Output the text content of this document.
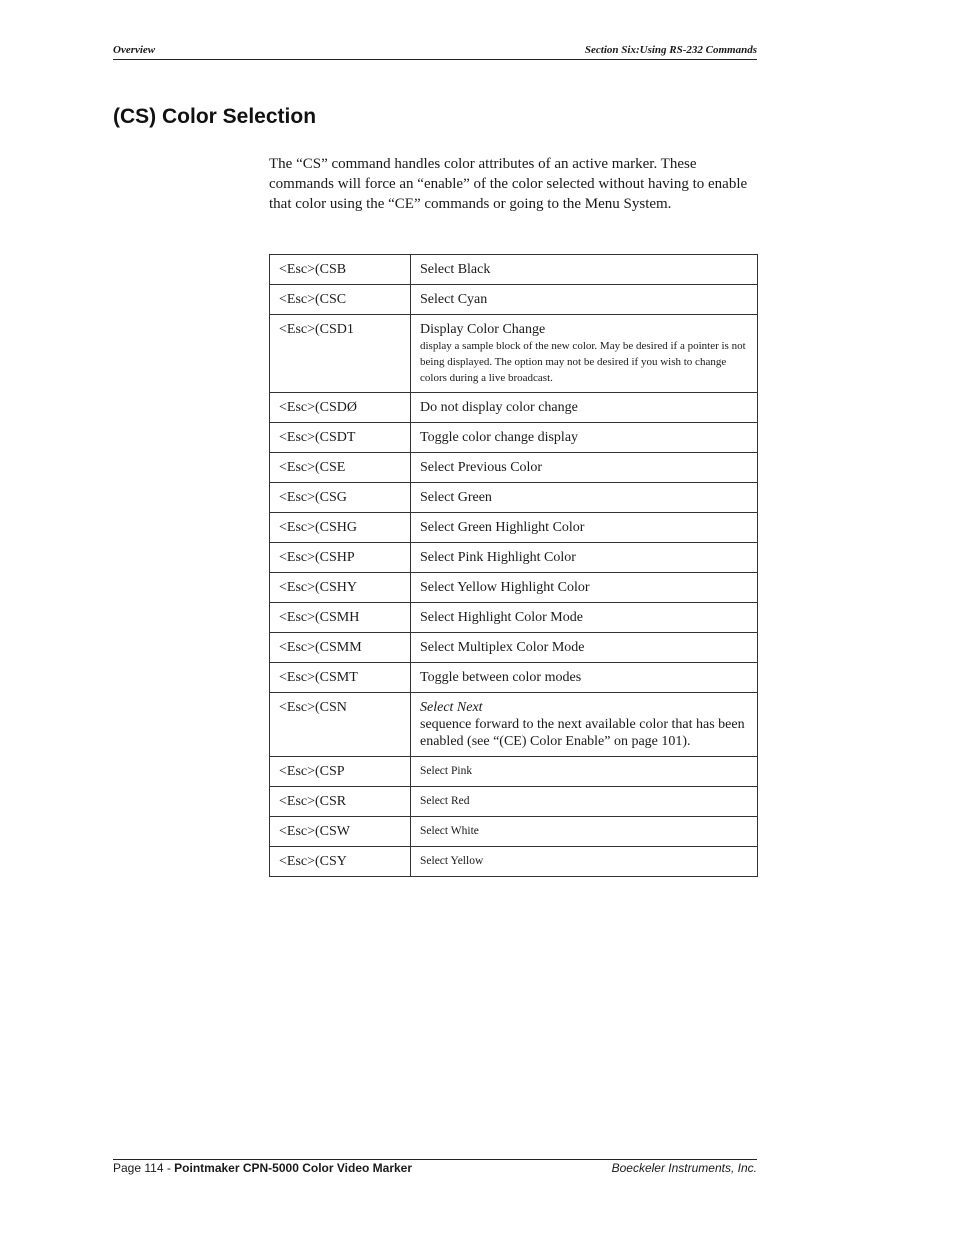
Overview	Section Six:Using RS-232 Commands
(CS) Color Selection

The “CS” command handles color attributes of an active marker. These commands will force an “enable” of the color selected without having to enable that color using the “CE” commands or going to the Menu System.

<Esc>(CSB	Select Black
<Esc>(CSC	Select Cyan
<Esc>(CSD1	Display Color Change
display a sample block of the new color. May be desired if a pointer is not being displayed. The option may not be desired if you wish to change colors during a live broadcast.

<Esc>(CSDØ	Do not display color change
<Esc>(CSDT	Toggle color change display
<Esc>(CSE	Select Previous Color
<Esc>(CSG	Select Green
<Esc>(CSHG	Select Green Highlight Color
<Esc>(CSHP	Select Pink Highlight Color
<Esc>(CSHY	Select Yellow Highlight Color
<Esc>(CSMH	Select Highlight Color Mode
<Esc>(CSMM	Select Multiplex Color Mode
<Esc>(CSMT	Toggle between color modes
<Esc>(CSN	Select Next
sequence forward to the next available color that has been enabled (see “(CE) Color Enable” on page 101).
<Esc>(CSP	Select Pink
<Esc>(CSR	Select Red
<Esc>(CSW	Select White
<Esc>(CSY	Select Yellow
Page 114 - Pointmaker CPN-5000 Color Video Marker	Boeckeler Instruments, Inc.
